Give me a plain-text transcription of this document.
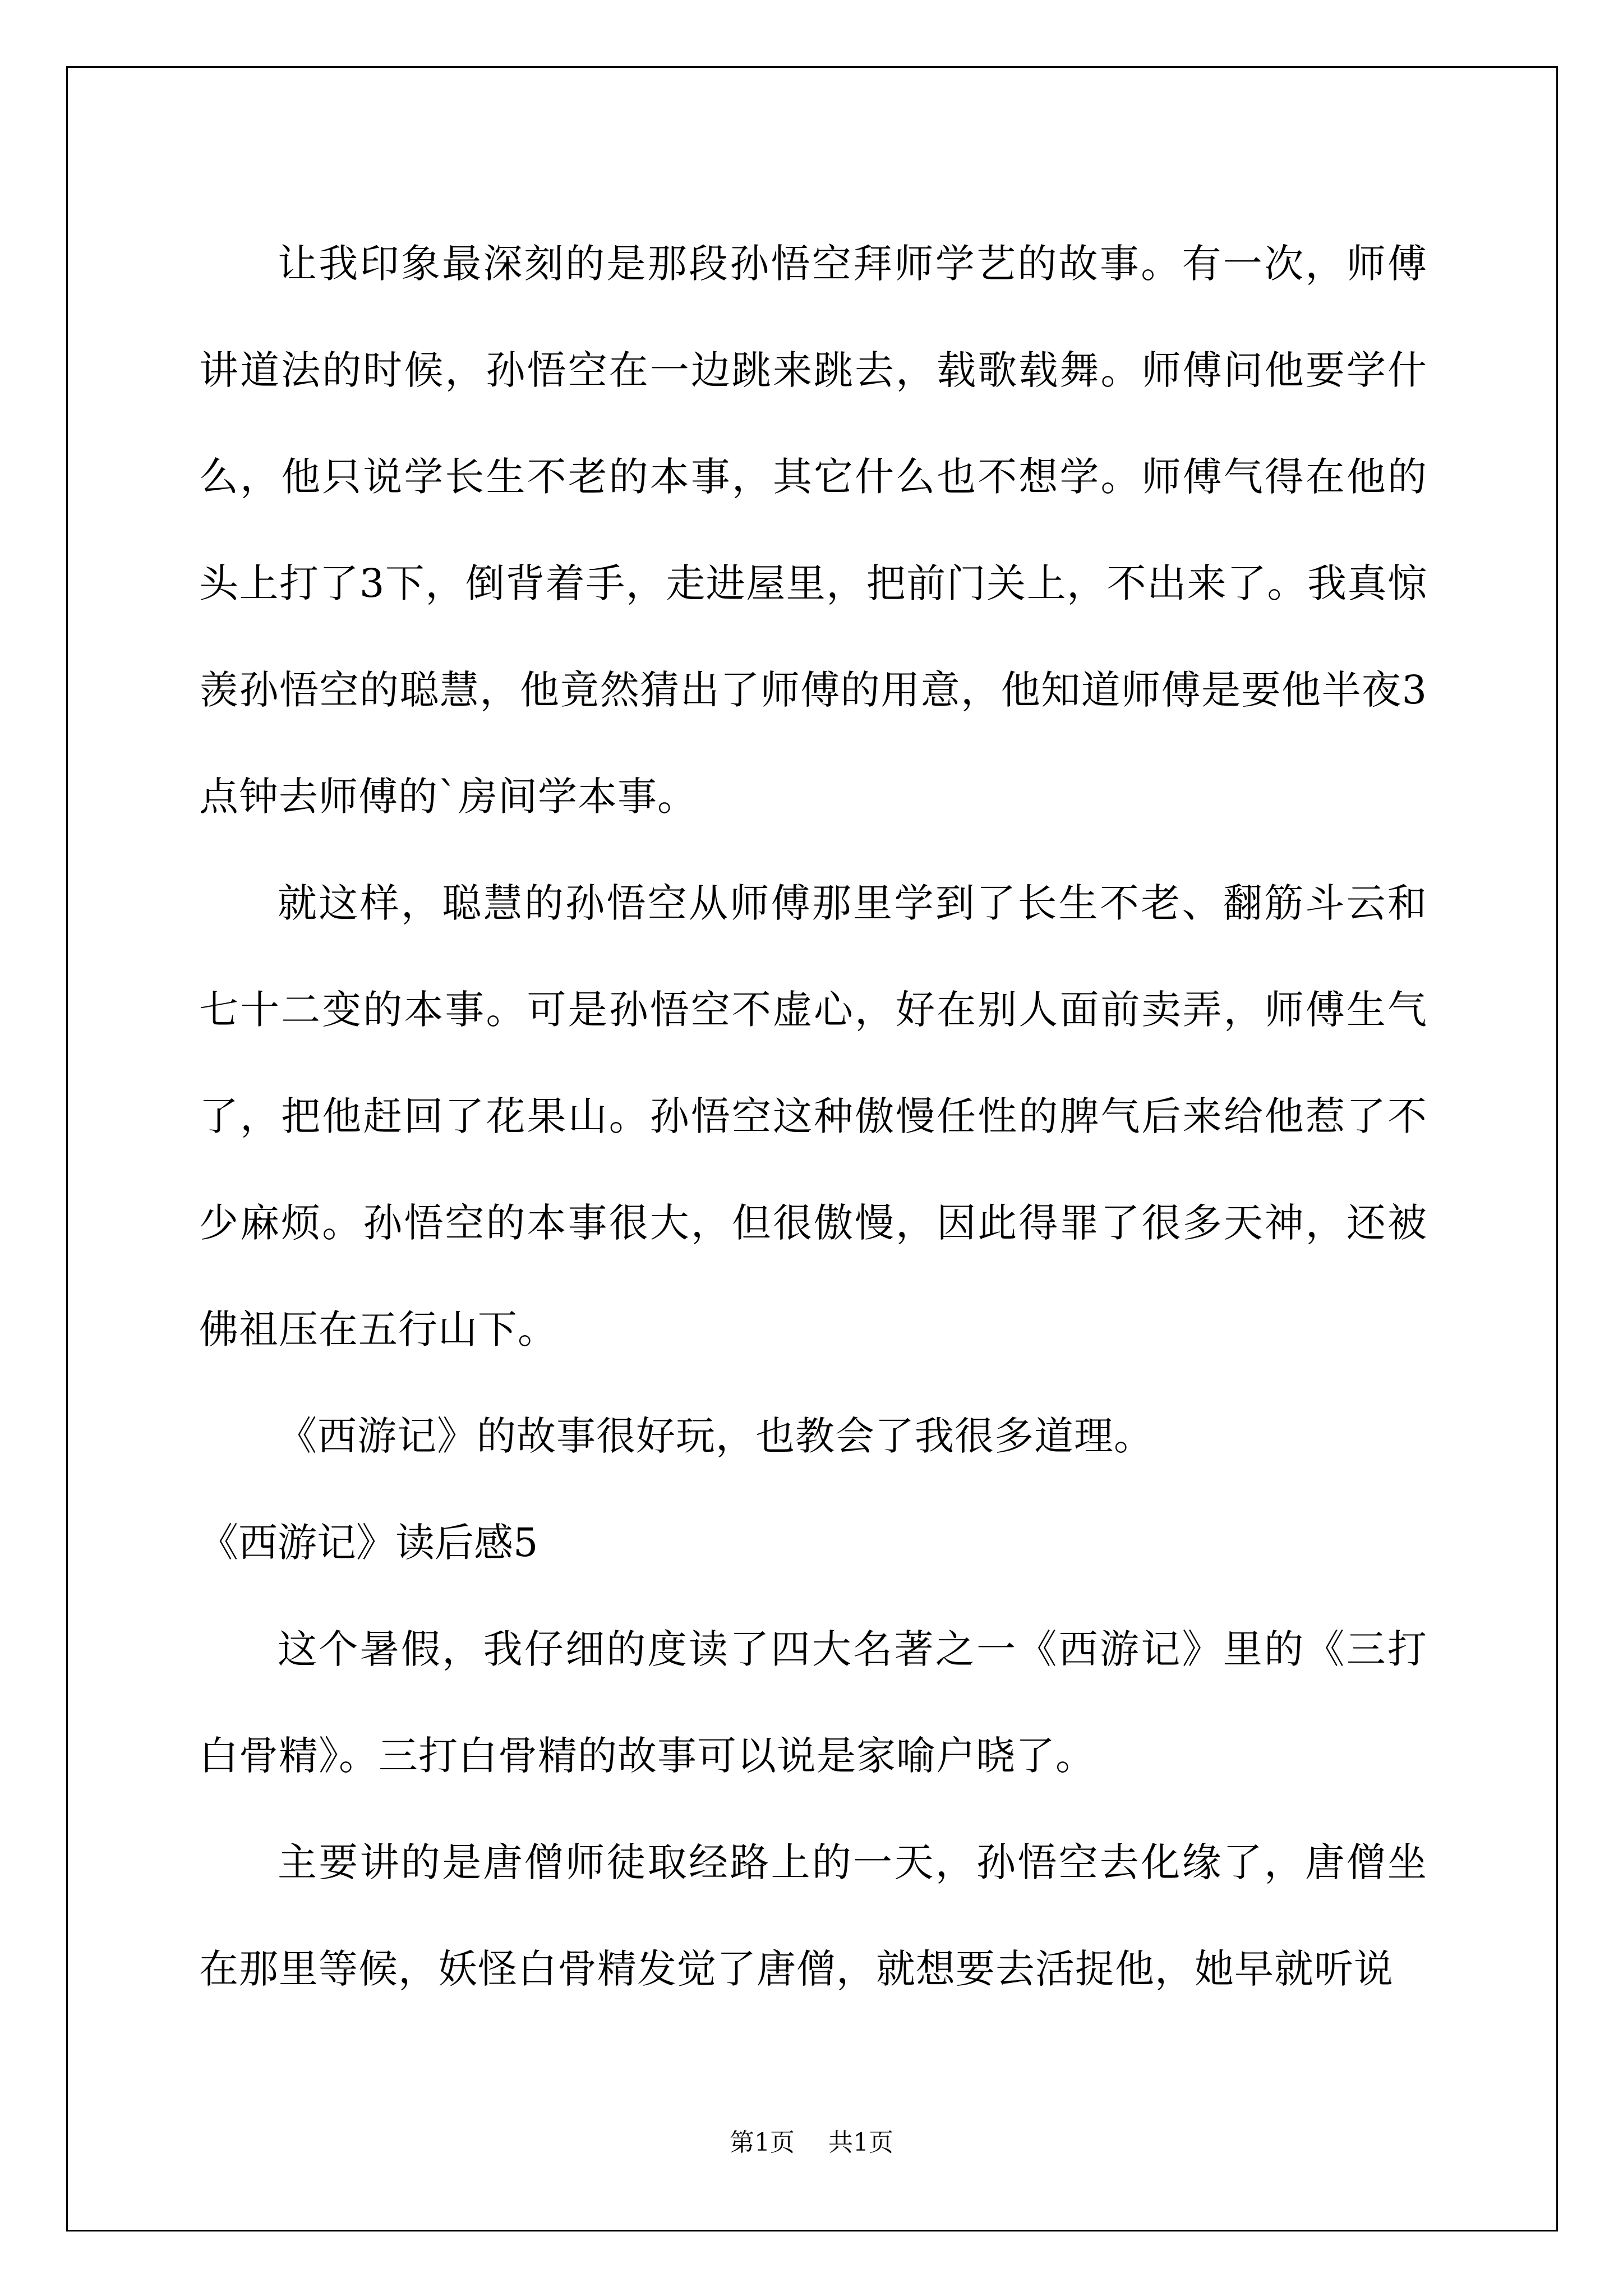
让我印象最深刻的是那段孙悟空拜师学艺的故事。有一次，师傅讲道法的时候，孙悟空在一边跳来跳去，载歌载舞。师傅问他要学什么，他只说学长生不老的本事，其它什么也不想学。师傅气得在他的头上打了3下，倒背着手，走进屋里，把前门关上，不出来了。我真惊羡孙悟空的聪慧，他竟然猜出了师傅的用意，他知道师傅是要他半夜3点钟去师傅的`房间学本事。

就这样，聪慧的孙悟空从师傅那里学到了长生不老、翻筋斗云和七十二变的本事。可是孙悟空不虚心，好在别人面前卖弄，师傅生气了，把他赶回了花果山。孙悟空这种傲慢任性的脾气后来给他惹了不少麻烦。孙悟空的本事很大，但很傲慢，因此得罪了很多天神，还被佛祖压在五行山下。

《西游记》的故事很好玩，也教会了我很多道理。

《西游记》读后感5

这个暑假，我仔细的度读了四大名著之一《西游记》里的《三打白骨精》。三打白骨精的故事可以说是家喻户晓了。

主要讲的是唐僧师徒取经路上的一天，孙悟空去化缘了，唐僧坐在那里等候，妖怪白骨精发觉了唐僧，就想要去活捉他，她早就听说

第1页 共1页
